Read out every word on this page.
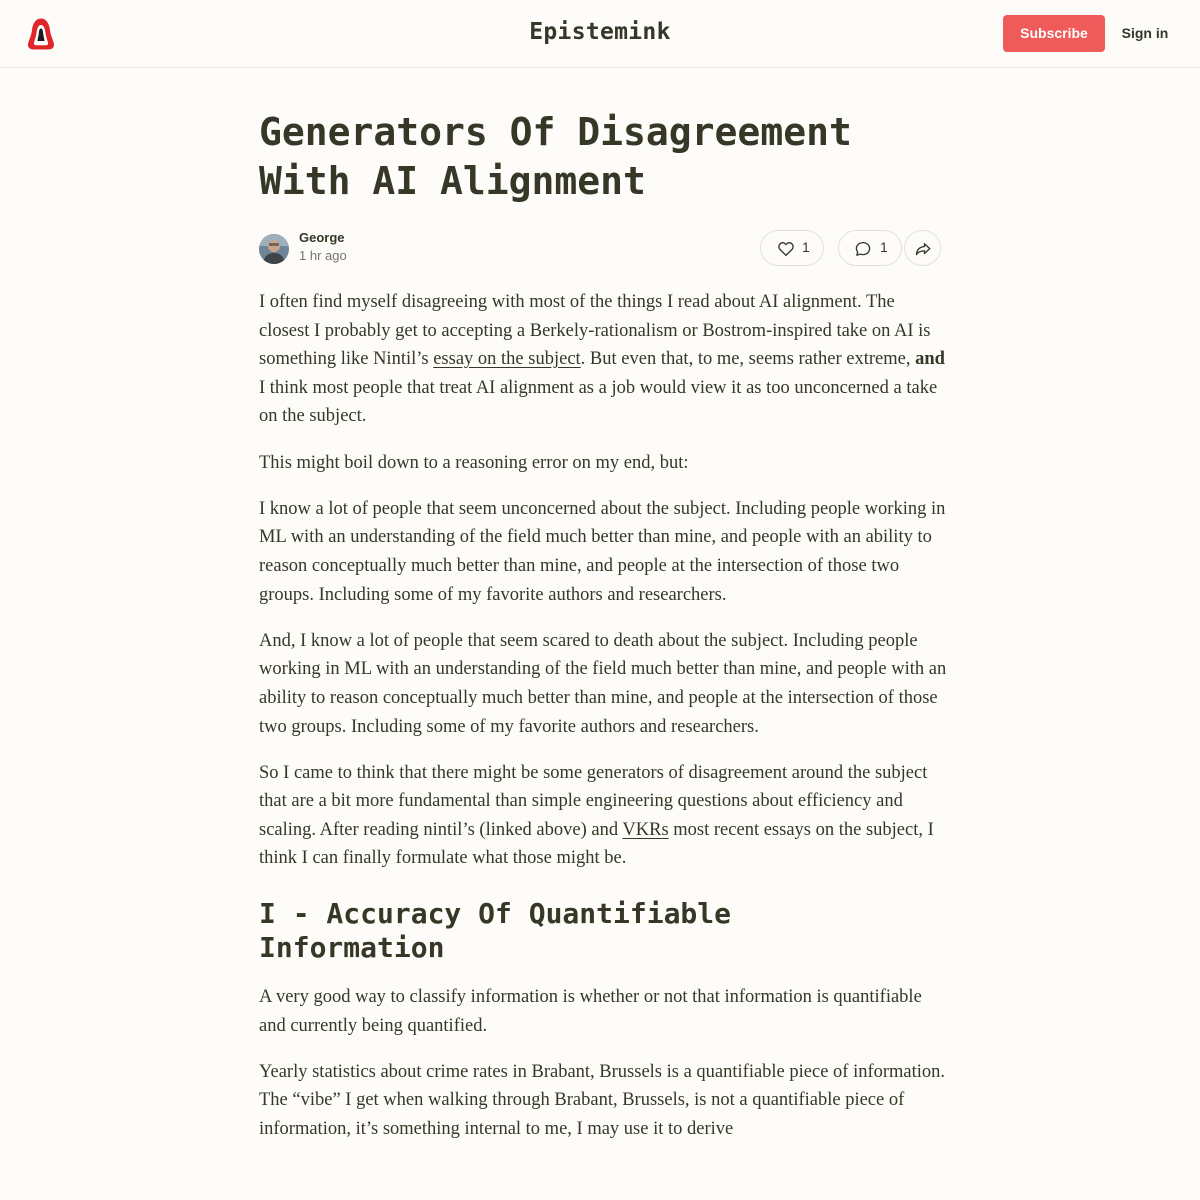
Epistemink	Subscribe	Sign in
Generators Of Disagreement With AI Alignment
George
1 hr ago
1	1

I often find myself disagreeing with most of the things I read about AI alignment. The closest I probably get to accepting a Berkely-rationalism or Bostrom-inspired take on AI is something like Nintil’s essay on the subject. But even that, to me, seems rather extreme, and I think most people that treat AI alignment as a job would view it as too unconcerned a take on the subject.

This might boil down to a reasoning error on my end, but:

I know a lot of people that seem unconcerned about the subject. Including people working in ML with an understanding of the field much better than mine, and people with an ability to reason conceptually much better than mine, and people at the intersection of those two groups. Including some of my favorite authors and researchers.

And, I know a lot of people that seem scared to death about the subject. Including people working in ML with an understanding of the field much better than mine, and people with an ability to reason conceptually much better than mine, and people at the intersection of those two groups. Including some of my favorite authors and researchers.

So I came to think that there might be some generators of disagreement around the subject that are a bit more fundamental than simple engineering questions about efficiency and scaling. After reading nintil’s (linked above) and VKRs most recent essays on the subject, I think I can finally formulate what those might be.

I - Accuracy Of Quantifiable Information

A very good way to classify information is whether or not that information is quantifiable and currently being quantified.

Yearly statistics about crime rates in Brabant, Brussels is a quantifiable piece of information. The “vibe” I get when walking through Brabant, Brussels, is not a quantifiable piece of information, it’s something internal to me, I may use it to derive
